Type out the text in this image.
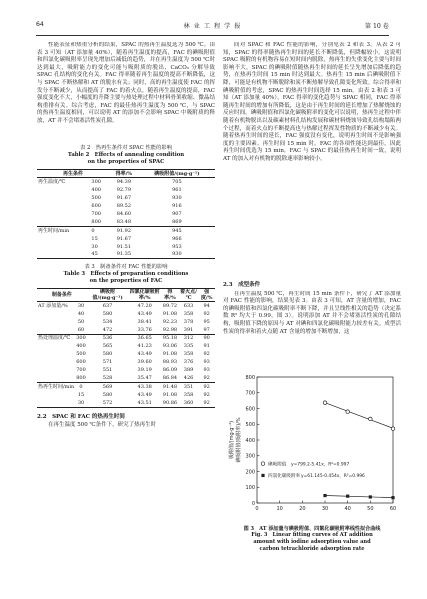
64	林 业 工 程 学 报	第 10 卷

性能表征和热重分析的结果，SPAC 的热再生温度选为 500 ℃。由表 3 可知（AT 添加量 40%），随着再生温度的提高，FAC 的碘吸附值和四氯化碳吸附率呈现先增加后减低的趋势，并在再生温度为 500 ℃时达到最大，吸附能力的变化可能与吸附质的脱出、CaCO₃ 分解导致 SPAC 孔结构的变化有关。FAC 得率随着再生温度的提高不断降低，这与 SPAC 不断热解和 AT 的脱水有关；同时，高的再生温度使 FAC 的挥发分不断减少，从而提高了 FAC 的着火点。随着再生温度的提高，FAC 强度变化不大，小幅度的升降主要与热处理过程中材料骨架收缩、微晶结构重排有关。综合考虑，FAC 的最佳热再生温度为 500 ℃，与 SPAC 的热再生温度相同，可以说明 AT 的添加不会影响 SPAC 中吸附质的释放，AT 并不会堵塞活性炭孔隙。

表 2　热再生条件对 SPAC 性能的影响
Table 2　Effects of annealing condition
on the properties of SPAC
再生条件		得率/%	碘吸附值/(mg·g⁻¹)
再生温度/℃	300	94.39	705
	400	92.79	961
	500	91.67	930
	600	89.52	916
	700	84.60	907
	800	83.48	869
再生时间/min	0	91.92	945
	15	91.67	966
	30	91.51	953
	45	91.35	930
表 3　制备条件对 FAC 性能的影响
Table 3　Effects of preparation conditions
on the properties of FAC
制备条件		碘吸附值/(mg·g⁻¹)	四氯化碳吸附率/%	得率/%	着火点/℃	强度/%
AT 添加量/%	30	637	47.20	89.72	633	94
	40	580	43.49	91.08	358	92
	50	534	38.41	92.23	378	95
	60	472	33.76	92.98	391	97
热处理温度/℃	300	536	36.65	95.18	312	90
	400	565	41.23	93.06	335	91
	500	580	43.49	91.08	358	92
	600	571	39.60	88.93	376	93
	700	551	39.19	86.09	389	93
	800	528	35.47	86.84	426	92
热再生时间/min	0	569	43.38	91.48	351	92
	15	580	43.49	91.08	358	92
	30	572	43.51	90.86	360	92
2.2　SPAC 和 FAC 的热再生时间

在再生温度 500 ℃条件下，研究了热再生时

间对 SPAC 和 FAC 性能的影响，分别见表 2 和表 3。从表 2 可知，SPAC 的得率随热再生时间的延长不断降低，但降幅较小。这说明 SPAC 吸附的有机物容易在短时间内脱除，热再生的失重变化主要与时间影响不大。SPAC 的碘吸附值随热再生时间的延长呈先增加后降低的趋势，在热再生时间 15 min 时达到最大。热再生 15 min 后碘吸附值下降，可能是有机物不断脱除和炭不断热解导致孔隙变化所致。综合得率和碘吸附值的考虑，SPAC 的热再生时间选择 15 min。由表 2 和表 3 可知（AT 添加量 40%），FAC 得率的变化趋势与 SPAC 相同，FAC 得率随再生时间的增加有所降低，这是由于再生时间的延长增加了热解烧蚀的反应时间。碘吸附值和四氯化碳吸附率的变化可以说明，热再生过程中伴随着有机物脱出以及碳素材料孔结构发展和碳材料烧蚀导致孔结构塌陷两个过程，而着火点的不断提高也与热解过程挥发性物质的不断减少有关。随着热再生时间的延长，FAC 强度没有变化，说明再生时间不是影响强度的主要因素。再生时间 15 min 时，FAC 的各项性能达到最佳，因此再生时间优选为 15 min。FAC 与 SPAC 的最佳热再生时间一致，说明 AT 的加入对有机物的脱除速率影响较小。

2.3　成型条件

在再生温度 500 ℃，再生时间 15 min 条件下，研究了 AT 添加量对 FAC 性能的影响，结果见表 3。由表 3 可知，AT 含量的增加，FAC 的碘吸附值和四氯化碳吸附率不断下降，并且呈线性相关的趋势（决定系数 R² 均大于 0.99，图 3）。说明添加 AT 并不会堵塞活性炭的孔隙结构，吸附值下降的原因与 AT 对碘和四氯化碳吸附能力较差有关。成型活性炭的得率和着火点随 AT 含量的增加不断增加，这

0
100
200
300
400
500
600
700
800
0	10	20	30	40	50	60
吸附值/(mg·g⁻¹) 碘吸附值(吸附率)/%
碘吸附值 y=799.2-5.41x，R²=0.997
四氯化碳吸附率 y=61.145-0.454x，R²=0.996
图 3　AT 添加量与碘吸附值、四氯化碳吸附率线性拟合曲线
Fig. 3　Linear fitting curves of AT addition
amount with iodine adsorption value and
carbon tetrachloride adsorption rate
